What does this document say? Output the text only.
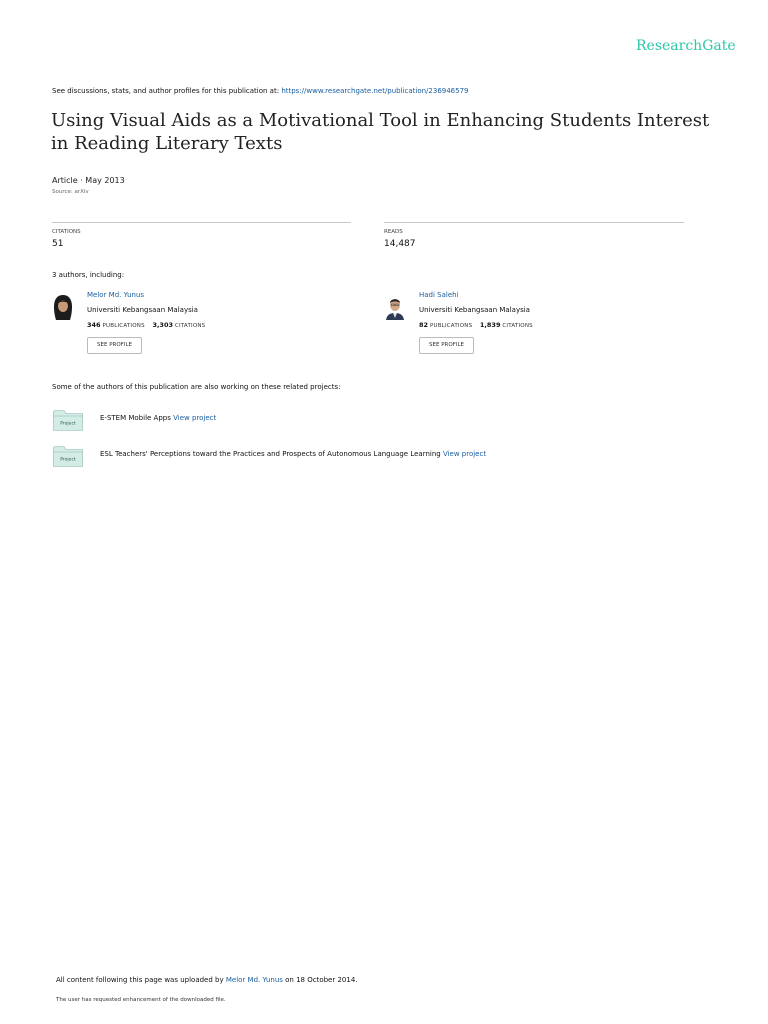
ResearchGate
See discussions, stats, and author profiles for this publication at: https://www.researchgate.net/publication/236946579
Using Visual Aids as a Motivational Tool in Enhancing Students Interest in Reading Literary Texts
Article · May 2013
Source: arXiv
CITATIONS
51
READS
14,487
3 authors, including:
Melor Md. Yunus
Universiti Kebangsaan Malaysia
346 PUBLICATIONS 3,303 CITATIONS
SEE PROFILE
Hadi Salehi
Universiti Kebangsaan Malaysia
82 PUBLICATIONS 1,839 CITATIONS
SEE PROFILE
Some of the authors of this publication are also working on these related projects:
Project
E-STEM Mobile Apps View project
Project
ESL Teachers' Perceptions toward the Practices and Prospects of Autonomous Language Learning View project
All content following this page was uploaded by Melor Md. Yunus on 18 October 2014.
The user has requested enhancement of the downloaded file.
